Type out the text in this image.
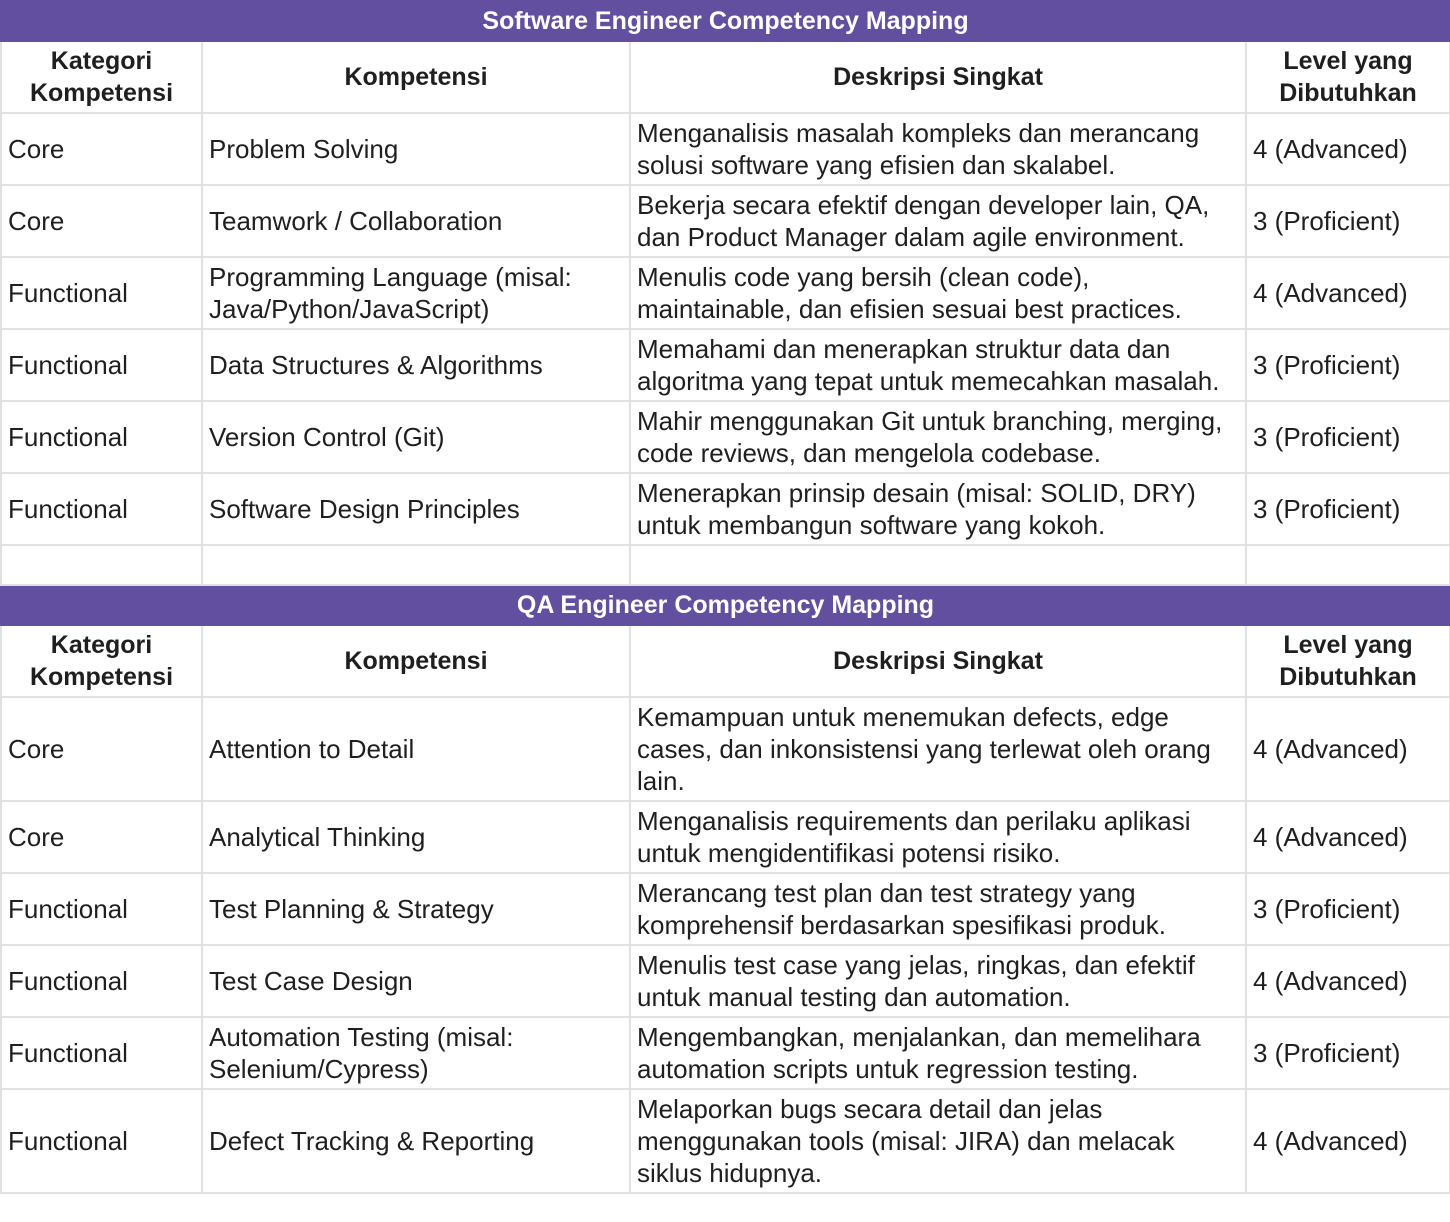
Software Engineer Competency Mapping			
Kategori Kompetensi	Kompetensi	Deskripsi Singkat	Level yang Dibutuhkan
Core	Problem Solving	Menganalisis masalah kompleks dan merancang solusi software yang efisien dan skalabel.	4 (Advanced)
Core	Teamwork / Collaboration	Bekerja secara efektif dengan developer lain, QA, dan Product Manager dalam agile environment.	3 (Proficient)
Functional	Programming Language (misal: Java/Python/JavaScript)	Menulis code yang bersih (clean code), maintainable, dan efisien sesuai best practices.	4 (Advanced)
Functional	Data Structures & Algorithms	Memahami dan menerapkan struktur data dan algoritma yang tepat untuk memecahkan masalah.	3 (Proficient)
Functional	Version Control (Git)	Mahir menggunakan Git untuk branching, merging, code reviews, dan mengelola codebase.	3 (Proficient)
Functional	Software Design Principles	Menerapkan prinsip desain (misal: SOLID, DRY) untuk membangun software yang kokoh.	3 (Proficient)

QA Engineer Competency Mapping			
Kategori Kompetensi	Kompetensi	Deskripsi Singkat	Level yang Dibutuhkan
Core	Attention to Detail	Kemampuan untuk menemukan defects, edge cases, dan inkonsistensi yang terlewat oleh orang lain.	4 (Advanced)
Core	Analytical Thinking	Menganalisis requirements dan perilaku aplikasi untuk mengidentifikasi potensi risiko.	4 (Advanced)
Functional	Test Planning & Strategy	Merancang test plan dan test strategy yang komprehensif berdasarkan spesifikasi produk.	3 (Proficient)
Functional	Test Case Design	Menulis test case yang jelas, ringkas, dan efektif untuk manual testing dan automation.	4 (Advanced)
Functional	Automation Testing (misal: Selenium/Cypress)	Mengembangkan, menjalankan, dan memelihara automation scripts untuk regression testing.	3 (Proficient)
Functional	Defect Tracking & Reporting	Melaporkan bugs secara detail dan jelas menggunakan tools (misal: JIRA) dan melacak siklus hidupnya.	4 (Advanced)
